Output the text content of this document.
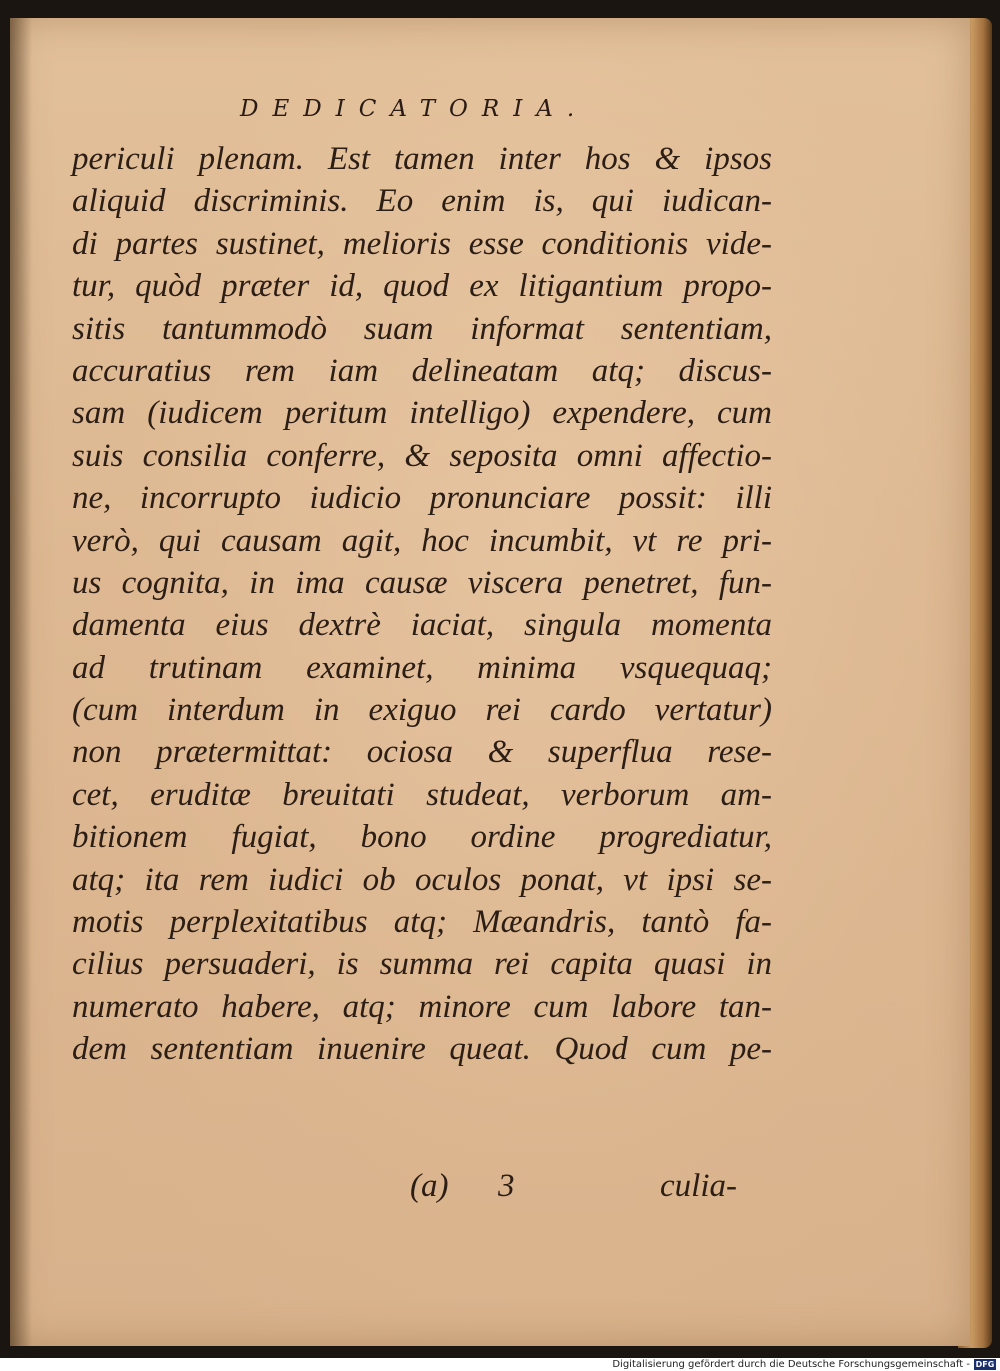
DEDICATORIA.
periculi plenam. Est tamen inter hos & ipsos
aliquid discriminis. Eo enim is, qui iudican-
di partes sustinet, melioris esse conditionis vide-
tur, quòd præter id, quod ex litigantium propo-
sitis tantummodò suam informat sententiam,
accuratius rem iam delineatam atq; discus-
sam (iudicem peritum intelligo) expendere, cum
suis consilia conferre, & seposita omni affectio-
ne, incorrupto iudicio pronunciare possit: illi
verò, qui causam agit, hoc incumbit, vt re pri-
us cognita, in ima causæ viscera penetret, fun-
damenta eius dextrè iaciat, singula momenta
ad trutinam examinet, minima vsquequaq;
(cum interdum in exiguo rei cardo vertatur)
non prætermittat: ociosa & superflua rese-
cet, eruditæ breuitati studeat, verborum am-
bitionem fugiat, bono ordine progrediatur,
atq; ita rem iudici ob oculos ponat, vt ipsi se-
motis perplexitatibus atq; Mæandris, tantò fa-
cilius persuaderi, is summa rei capita quasi in
numerato habere, atq; minore cum labore tan-
dem sententiam inuenire queat. Quod cum pe-
(a) 3	culia-
Digitalisierung gefördert durch die Deutsche Forschungsgemeinschaft - DFG
